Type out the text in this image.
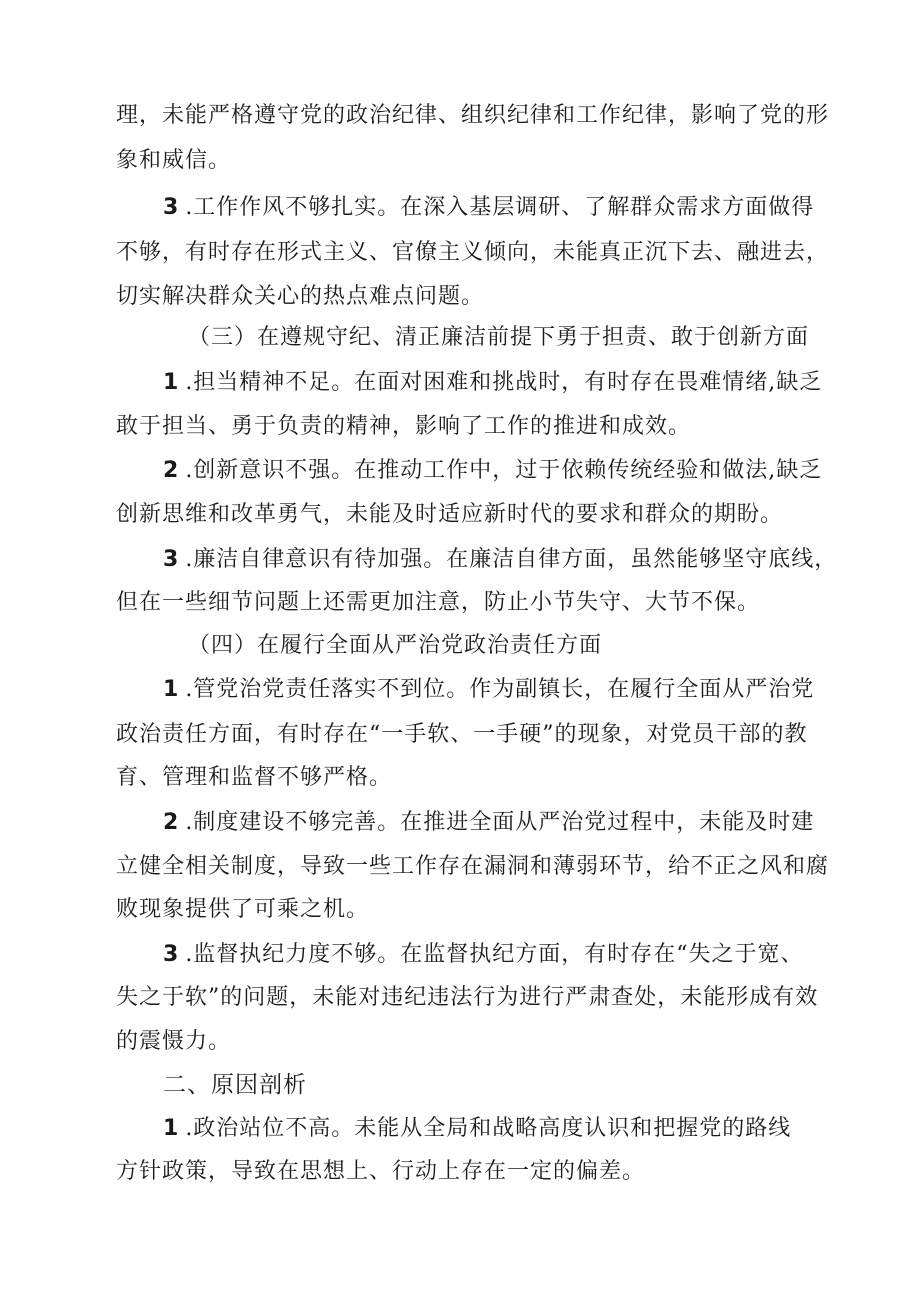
理，未能严格遵守党的政治纪律、组织纪律和工作纪律，影响了党的形
象和威信。
3 .工作作风不够扎实。在深入基层调研、了解群众需求方面做得
不够，有时存在形式主义、官僚主义倾向，未能真正沉下去、融进去，
切实解决群众关心的热点难点问题。
（三）在遵规守纪、清正廉洁前提下勇于担责、敢于创新方面
1 .担当精神不足。在面对困难和挑战时，有时存在畏难情绪,缺乏
敢于担当、勇于负责的精神，影响了工作的推进和成效。
2 .创新意识不强。在推动工作中，过于依赖传统经验和做法,缺乏
创新思维和改革勇气，未能及时适应新时代的要求和群众的期盼。
3 .廉洁自律意识有待加强。在廉洁自律方面，虽然能够坚守底线，
但在一些细节问题上还需更加注意，防止小节失守、大节不保。
（四）在履行全面从严治党政治责任方面
1 .管党治党责任落实不到位。作为副镇长，在履行全面从严治党
政治责任方面，有时存在“一手软、一手硬”的现象，对党员干部的教
育、管理和监督不够严格。
2 .制度建设不够完善。在推进全面从严治党过程中，未能及时建
立健全相关制度，导致一些工作存在漏洞和薄弱环节，给不正之风和腐
败现象提供了可乘之机。
3 .监督执纪力度不够。在监督执纪方面，有时存在“失之于宽、
失之于软”的问题，未能对违纪违法行为进行严肃查处，未能形成有效
的震慑力。
二、原因剖析
1 .政治站位不高。未能从全局和战略高度认识和把握党的路线
方针政策，导致在思想上、行动上存在一定的偏差。
